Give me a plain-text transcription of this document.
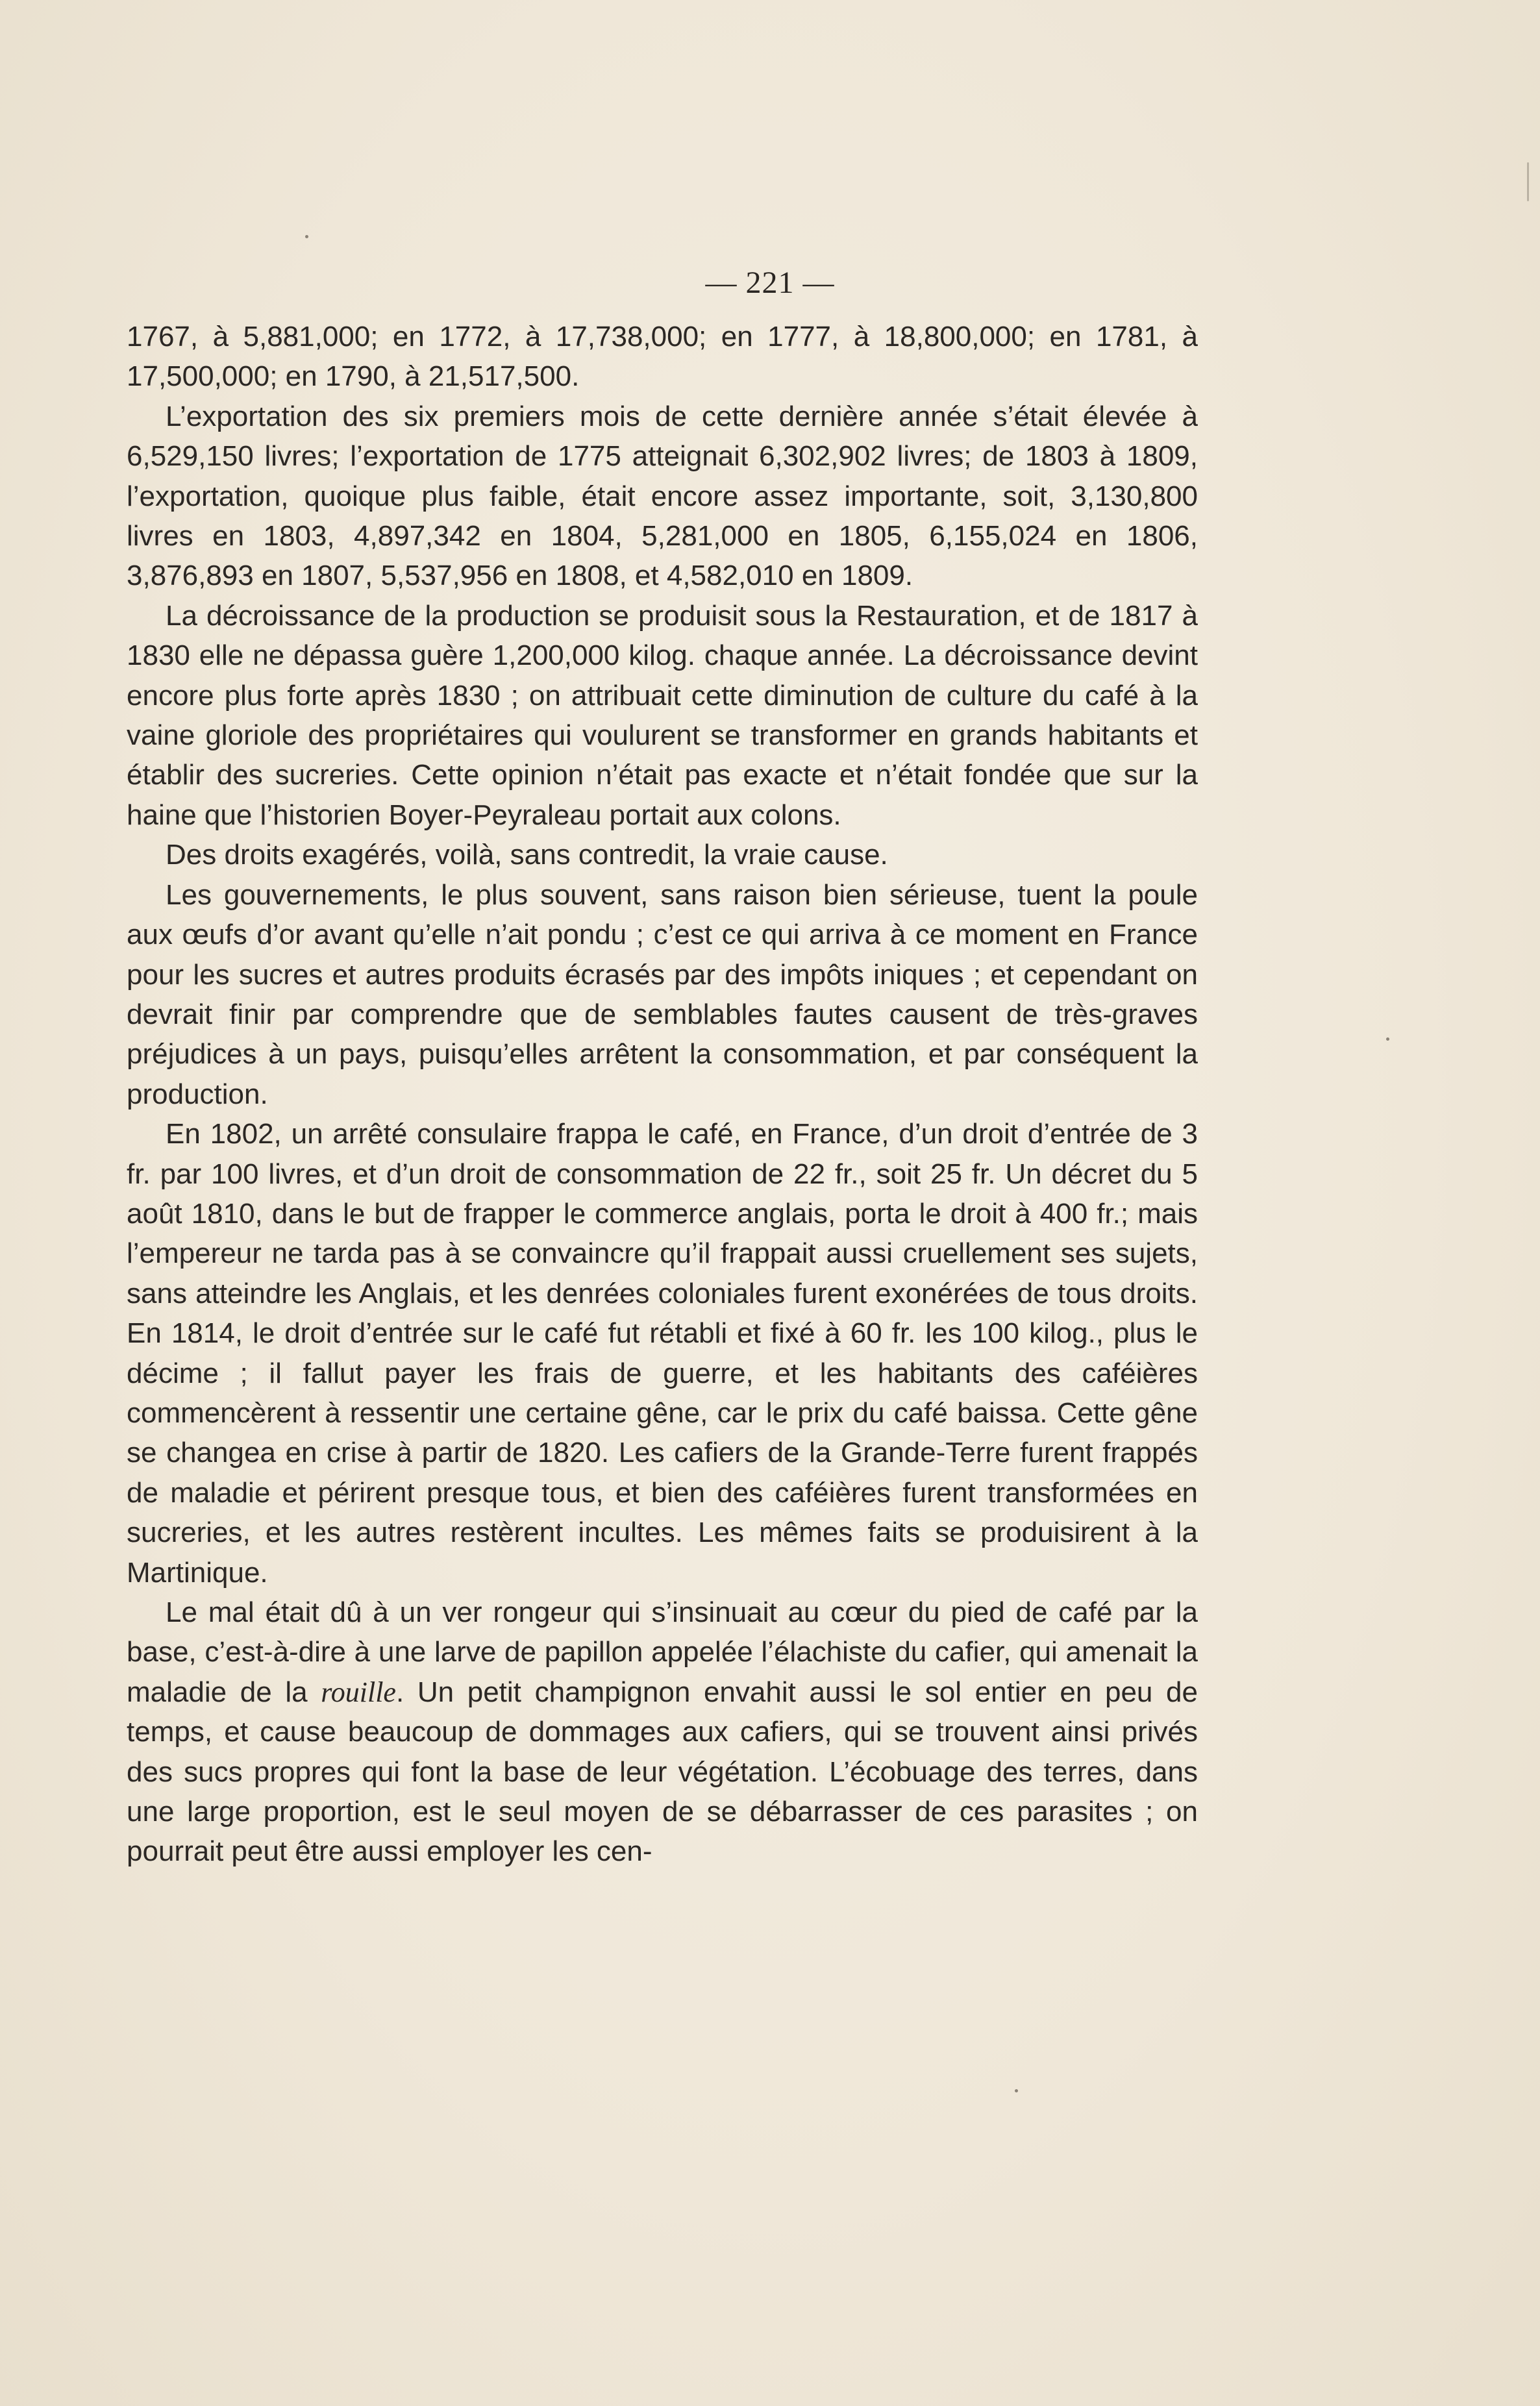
— 221 —

1767, à 5,881,000; en 1772, à 17,738,000; en 1777, à 18,800,000; en 1781, à 17,500,000; en 1790, à 21,517,500.

L’exportation des six premiers mois de cette dernière année s’était élevée à 6,529,150 livres; l’exportation de 1775 atteignait 6,302,902 livres; de 1803 à 1809, l’exportation, quoique plus faible, était encore assez importante, soit, 3,130,800 livres en 1803, 4,897,342 en 1804, 5,281,000 en 1805, 6,155,024 en 1806, 3,876,893 en 1807, 5,537,956 en 1808, et 4,582,010 en 1809.

La décroissance de la production se produisit sous la Restauration, et de 1817 à 1830 elle ne dépassa guère 1,200,000 kilog. chaque année. La décroissance devint encore plus forte après 1830 ; on attribuait cette diminution de culture du café à la vaine gloriole des propriétaires qui voulurent se transformer en grands habitants et établir des sucreries. Cette opinion n’était pas exacte et n’était fondée que sur la haine que l’historien Boyer-Peyraleau portait aux colons.

Des droits exagérés, voilà, sans contredit, la vraie cause.

Les gouvernements, le plus souvent, sans raison bien sérieuse, tuent la poule aux œufs d’or avant qu’elle n’ait pondu ; c’est ce qui arriva à ce moment en France pour les sucres et autres produits écrasés par des impôts iniques ; et cependant on devrait finir par comprendre que de semblables fautes causent de très-graves préjudices à un pays, puisqu’elles arrêtent la consommation, et par conséquent la production.

En 1802, un arrêté consulaire frappa le café, en France, d’un droit d’entrée de 3 fr. par 100 livres, et d’un droit de consommation de 22 fr., soit 25 fr. Un décret du 5 août 1810, dans le but de frapper le commerce anglais, porta le droit à 400 fr.; mais l’empereur ne tarda pas à se convaincre qu’il frappait aussi cruellement ses sujets, sans atteindre les Anglais, et les denrées coloniales furent exonérées de tous droits. En 1814, le droit d’entrée sur le café fut rétabli et fixé à 60 fr. les 100 kilog., plus le décime ; il fallut payer les frais de guerre, et les habitants des caféières commencèrent à ressentir une certaine gêne, car le prix du café baissa. Cette gêne se changea en crise à partir de 1820. Les cafiers de la Grande-Terre furent frappés de maladie et périrent presque tous, et bien des caféières furent transformées en sucreries, et les autres restèrent incultes. Les mêmes faits se produisirent à la Martinique.

Le mal était dû à un ver rongeur qui s’insinuait au cœur du pied de café par la base, c’est-à-dire à une larve de papillon appelée l’élachiste du cafier, qui amenait la maladie de la rouille. Un petit champignon envahit aussi le sol entier en peu de temps, et cause beaucoup de dommages aux cafiers, qui se trouvent ainsi privés des sucs propres qui font la base de leur végétation. L’écobuage des terres, dans une large proportion, est le seul moyen de se débarrasser de ces parasites ; on pourrait peut être aussi employer les cen-
